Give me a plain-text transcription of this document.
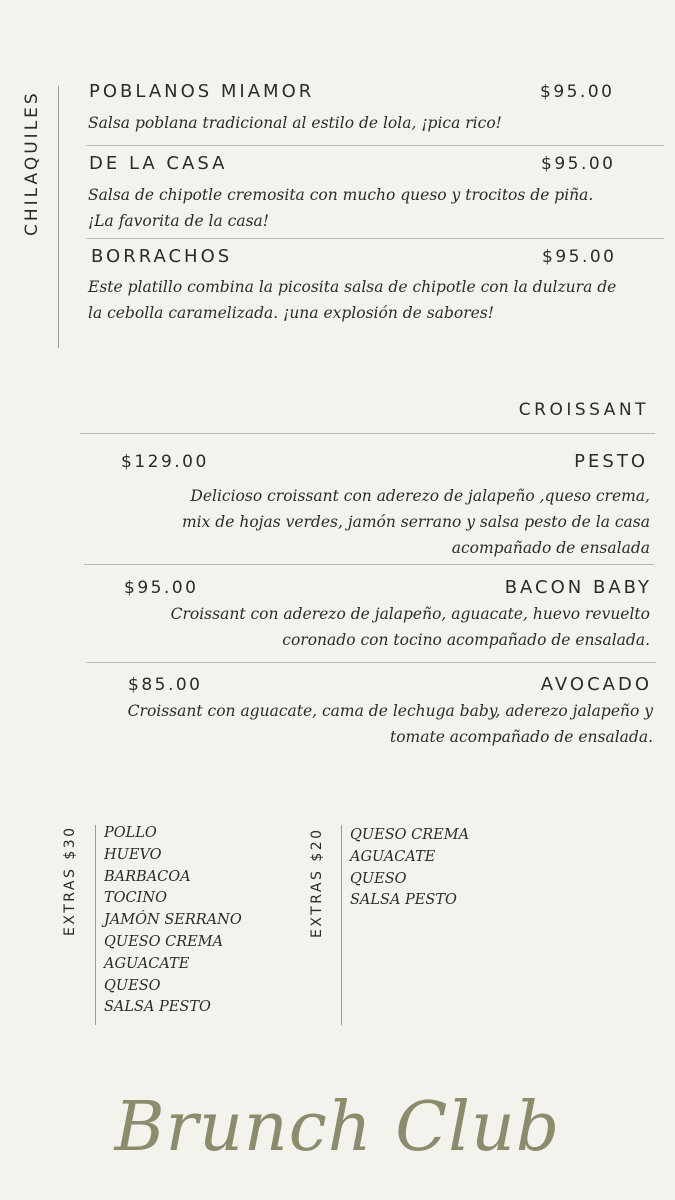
CHILAQUILES	POBLANOS MIAMOR	$95.00
Salsa poblana tradicional al estilo de lola, ¡pica rico!
DE LA CASA	$95.00
Salsa de chipotle cremosita con mucho queso y trocitos de piña.
¡La favorita de la casa!
BORRACHOS	$95.00
Este platillo combina la picosita salsa de chipotle con la dulzura de
la cebolla caramelizada. ¡una explosión de sabores!
CROISSANT
$129.00	PESTO
Delicioso croissant con aderezo de jalapeño ,queso crema,
mix de hojas verdes, jamón serrano y salsa pesto de la casa
acompañado de ensalada
$95.00	BACON BABY
Croissant con aderezo de jalapeño, aguacate, huevo revuelto
coronado con tocino acompañado de ensalada.
$85.00	AVOCADO
Croissant con aguacate, cama de lechuga baby, aderezo jalapeño y
tomate acompañado de ensalada.
EXTRAS $30 POLLO
HUEVO
BARBACOA
TOCINO
JAMÓN SERRANO
QUESO CREMA
AGUACATE
QUESO
SALSA PESTO
EXTRAS $20 QUESO CREMA
AGUACATE
QUESO
SALSA PESTO
Brunch Club
